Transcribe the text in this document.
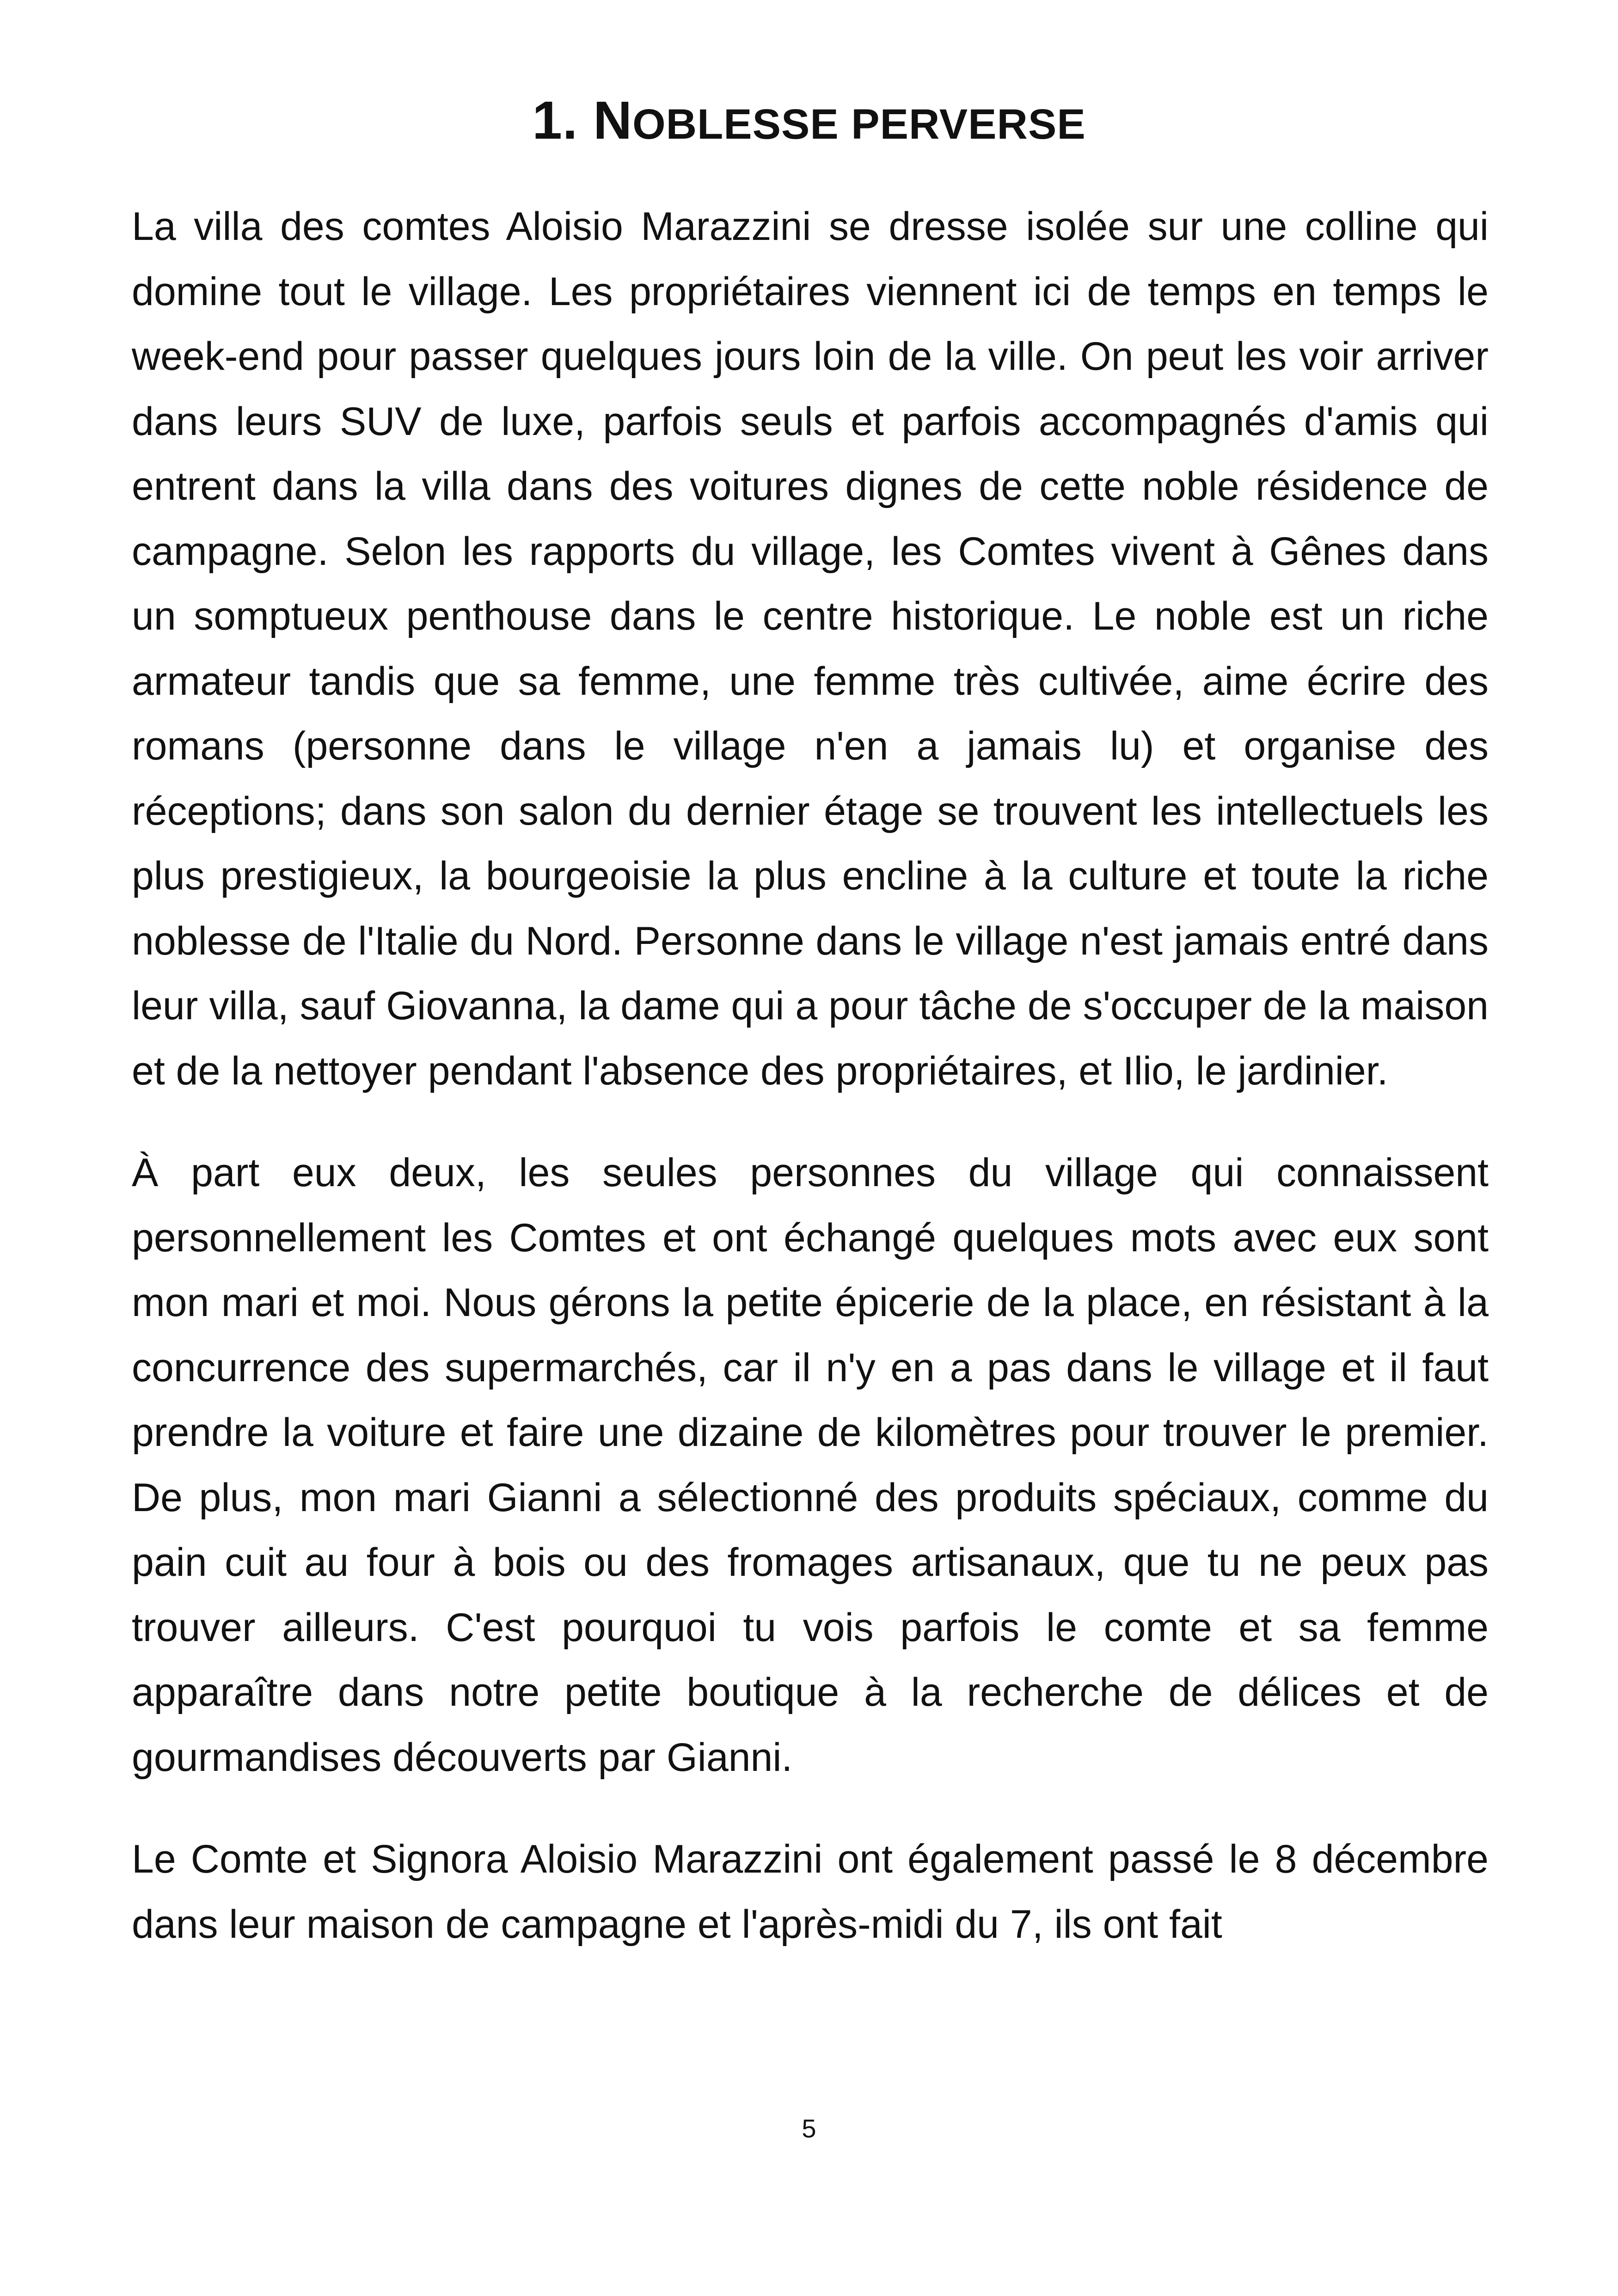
1. NOBLESSE PERVERSE

La villa des comtes Aloisio Marazzini se dresse isolée sur une colline qui domine tout le village. Les propriétaires viennent ici de temps en temps le week-end pour passer quelques jours loin de la ville. On peut les voir arriver dans leurs SUV de luxe, parfois seuls et parfois accompagnés d'amis qui entrent dans la villa dans des voitures dignes de cette noble résidence de campagne. Selon les rapports du village, les Comtes vivent à Gênes dans un somptueux penthouse dans le centre historique. Le noble est un riche armateur tandis que sa femme, une femme très cultivée, aime écrire des romans (personne dans le village n'en a jamais lu) et organise des réceptions; dans son salon du dernier étage se trouvent les intellectuels les plus prestigieux, la bourgeoisie la plus encline à la culture et toute la riche noblesse de l'Italie du Nord. Personne dans le village n'est jamais entré dans leur villa, sauf Giovanna, la dame qui a pour tâche de s'occuper de la maison et de la nettoyer pendant l'absence des propriétaires, et Ilio, le jardinier.

À part eux deux, les seules personnes du village qui connaissent personnellement les Comtes et ont échangé quelques mots avec eux sont mon mari et moi. Nous gérons la petite épicerie de la place, en résistant à la concurrence des supermarchés, car il n'y en a pas dans le village et il faut prendre la voiture et faire une dizaine de kilomètres pour trouver le premier. De plus, mon mari Gianni a sélectionné des produits spéciaux, comme du pain cuit au four à bois ou des fromages artisanaux, que tu ne peux pas trouver ailleurs. C'est pourquoi tu vois parfois le comte et sa femme apparaître dans notre petite boutique à la recherche de délices et de gourmandises découverts par Gianni.

Le Comte et Signora Aloisio Marazzini ont également passé le 8 décembre dans leur maison de campagne et l'après-midi du 7, ils ont fait

5
